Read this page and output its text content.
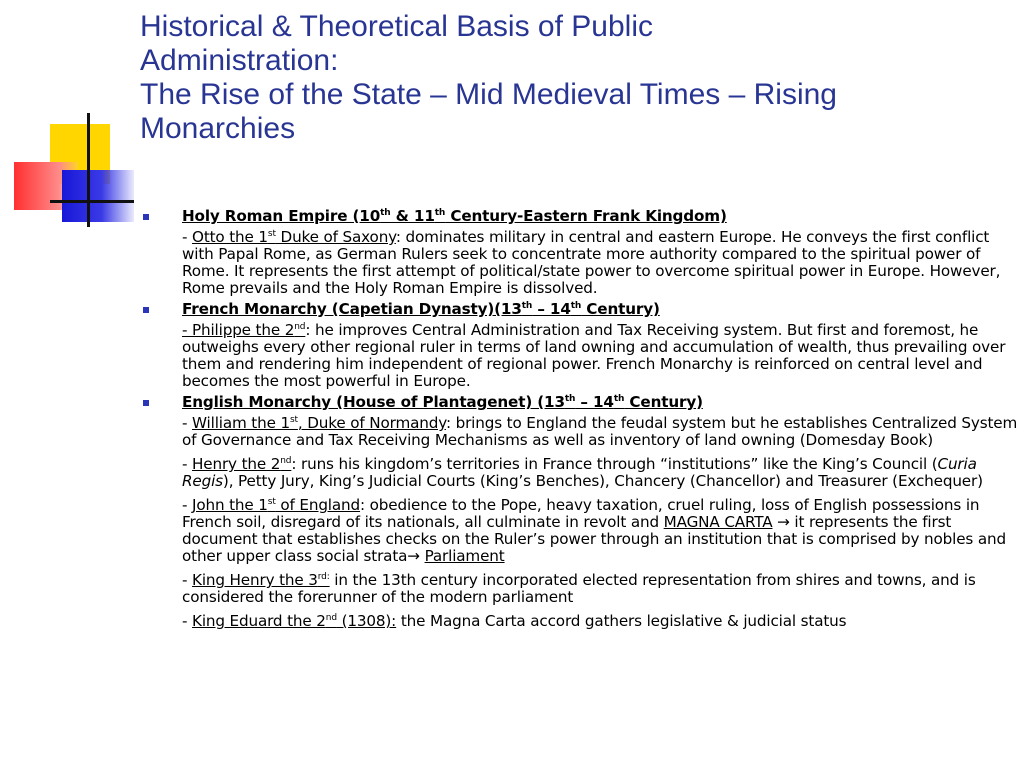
Historical & Theoretical Basis of Public
Administration:
The Rise of the State – Mid Medieval Times – Rising
Monarchies
Holy Roman Empire (10th & 11th Century-Eastern Frank Kingdom)
- Otto the 1st Duke of Saxony: dominates military in central and eastern Europe. He conveys the first conflict with Papal Rome, as German Rulers seek to concentrate more authority compared to the spiritual power of Rome. It represents the first attempt of political/state power to overcome spiritual power in Europe. However, Rome prevails and the Holy Roman Empire is dissolved.
French Monarchy (Capetian Dynasty)(13th – 14th Century)
- Philippe the 2nd: he improves Central Administration and Tax Receiving system. But first and foremost, he outweighs every other regional ruler in terms of land owning and accumulation of wealth, thus prevailing over them and rendering him independent of regional power. French Monarchy is reinforced on central level and becomes the most powerful in Europe.
English Monarchy (House of Plantagenet) (13th – 14th Century)
- William the 1st, Duke of Normandy: brings to England the feudal system but he establishes Centralized System of Governance and Tax Receiving Mechanisms as well as inventory of land owning (Domesday Book)
- Henry the 2nd: runs his kingdom’s territories in France through “institutions” like the King’s Council (Curia Regis), Petty Jury, King’s Judicial Courts (King’s Benches), Chancery (Chancellor) and Treasurer (Exchequer)
- John the 1st of England: obedience to the Pope, heavy taxation, cruel ruling, loss of English possessions in French soil, disregard of its nationals, all culminate in revolt and MAGNA CARTA → it represents the first document that establishes checks on the Ruler’s power through an institution that is comprised by nobles and other upper class social strata→ Parliament
- King Henry the $3^{rd:}$ in the 13th century incorporated elected representation from shires and towns, and is considered the forerunner of the modern parliament
- King Eduard the 2nd (1308): the Magna Carta accord gathers legislative & judicial status
